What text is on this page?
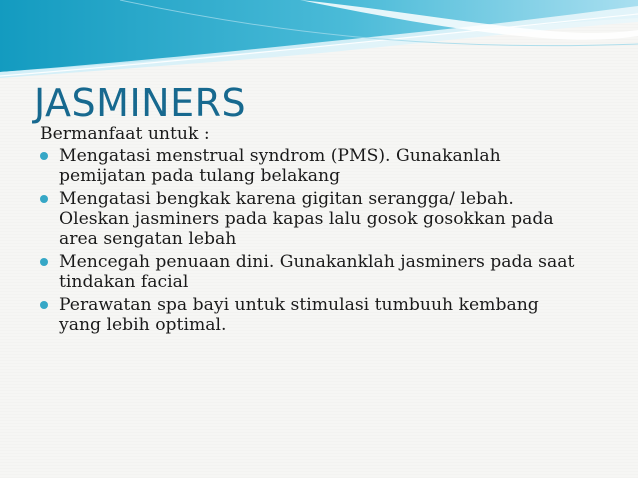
JASMINERS

Bermanfaat untuk :

Mengatasi menstrual syndrom (PMS). Gunakanlah
pemijatan pada tulang belakang
Mengatasi bengkak karena gigitan serangga/ lebah.
Oleskan jasminers pada kapas lalu gosok gosokkan pada
area sengatan lebah
Mencegah penuaan dini. Gunakanklah jasminers pada saat
tindakan facial
Perawatan spa bayi untuk stimulasi tumbuuh kembang
yang lebih optimal.
